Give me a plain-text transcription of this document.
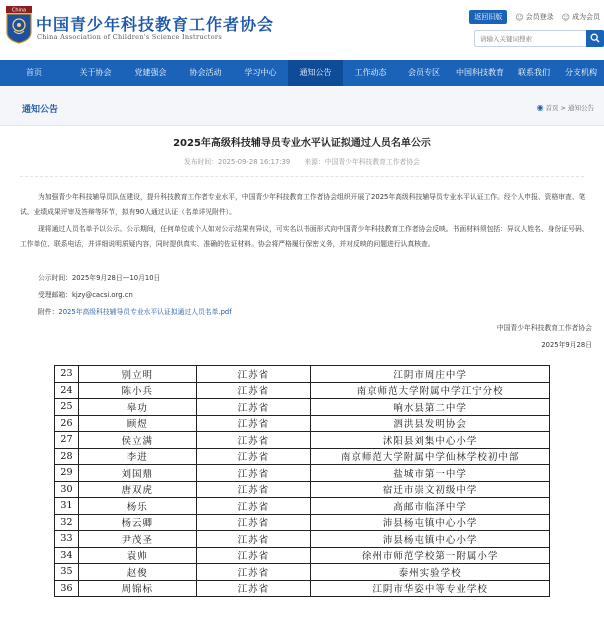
China
中国青少年科技教育工作者协会
China Association of Children's Science Instructors
返回旧版	☺ 会员登录 ☺ 成为会员
请输入关键词搜索
首页	关于协会	党建强会	协会活动	学习中心	通知公告	工作动态	会员专区	中国科技教育	联系我们	分支机构
通知公告	◉ 首页 > 通知公告
2025年高级科技辅导员专业水平认证拟通过人员名单公示
发布时间：2025-09-28 16:17:39 来源：中国青少年科技教育工作者协会
为加强青少年科技辅导员队伍建设，提升科技教育工作者专业水平，中国青少年科技教育工作者协会组织开展了2025年高级科技辅导员专业水平认证工作。经个人申报、资格审查、笔试、业绩成果评审及答辩等环节，拟有90人通过认证（名单详见附件）。
现将通过人员名单予以公示。公示期间，任何单位或个人如对公示结果有异议，可实名以书面形式向中国青少年科技教育工作者协会反映。书面材料须包括：异议人姓名、身份证号码、工作单位、联系电话，并详细说明质疑内容，同时提供真实、准确的佐证材料。协会将严格履行保密义务，并对反映的问题进行认真核查。
公示时间：2025年9月28日—10月10日
受理邮箱：kjzy@cacsi.org.cn
附件：2025年高级科技辅导员专业水平认证拟通过人员名单.pdf
中国青少年科技教育工作者协会
2025年9月28日
23	别立明	江苏省	江阴市周庄中学
24	陈小兵	江苏省	南京师范大学附属中学江宁分校
25	皋功	江苏省	响水县第二中学
26	顾煜	江苏省	泗洪县发明协会
27	侯立满	江苏省	沭阳县刘集中心小学
28	李进	江苏省	南京师范大学附属中学仙林学校初中部
29	刘国鼎	江苏省	盐城市第一中学
30	唐双虎	江苏省	宿迁市崇文初级中学
31	杨乐	江苏省	高邮市临泽中学
32	杨云卿	江苏省	沛县杨屯镇中心小学
33	尹茂圣	江苏省	沛县杨屯镇中心小学
34	袁帅	江苏省	徐州市师范学校第一附属小学
35	赵俊	江苏省	泰州实验学校
36	周锦标	江苏省	江阴市华姿中等专业学校
